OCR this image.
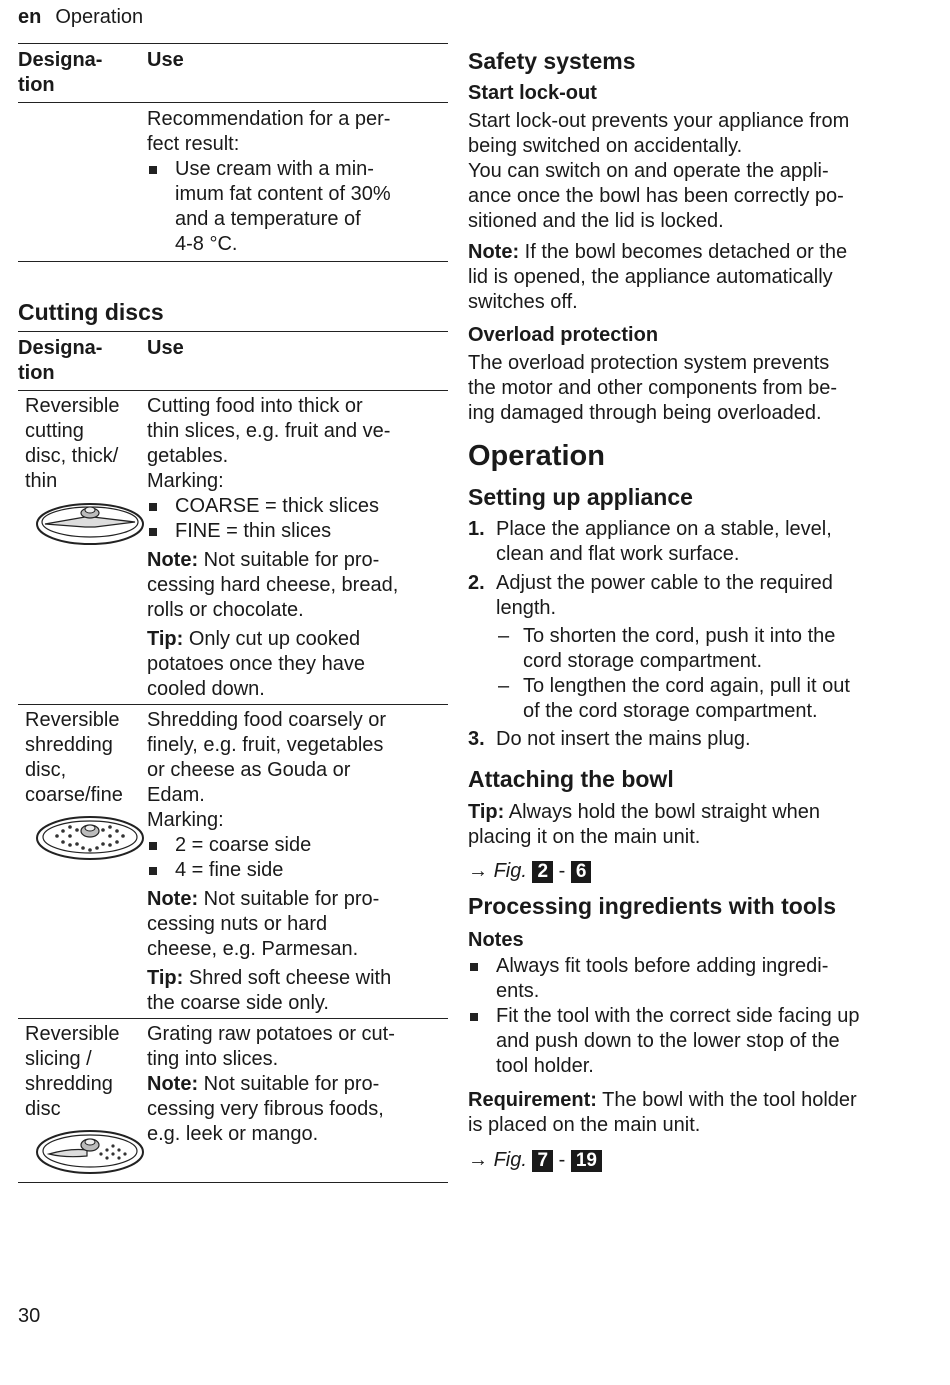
en Operation
Designa-
tion
Use

Recommendation for a per-
fect result:

Use cream with a min-
imum fat content of 30%
and a temperature of
4-8 °C.
Cutting discs
Designa-
tion
Use
Reversible
cutting
disc, thick/
thin

Cutting food into thick or
thin slices, e.g. fruit and ve-
getables.

Marking:

COARSE = thick slices
FINE = thin slices

Note: Not suitable for pro-
cessing hard cheese, bread,
rolls or chocolate.

Tip: Only cut up cooked
potatoes once they have
cooled down.

Reversible
shredding
disc,
coarse/fine

Shredding food coarsely or
finely, e.g. fruit, vegetables
or cheese as Gouda or
Edam.

Marking:

2 = coarse side
4 = fine side

Note: Not suitable for pro-
cessing nuts or hard
cheese, e.g. Parmesan.

Tip: Shred soft cheese with
the coarse side only.

Reversible
slicing /
shredding
disc

Grating raw potatoes or cut-
ting into slices.

Note: Not suitable for pro-
cessing very fibrous foods,
e.g. leek or mango.

Safety systems
Start lock-out

Start lock-out prevents your appliance from
being switched on accidentally.
You can switch on and operate the appli-
ance once the bowl has been correctly po-
sitioned and the lid is locked.

Note: If the bowl becomes detached or the
lid is opened, the appliance automatically
switches off.

Overload protection

The overload protection system prevents
the motor and other components from be-
ing damaged through being overloaded.

Operation
Setting up appliance
1. Place the appliance on a stable, level,
clean and flat work surface.
2. Adjust the power cable to the required
length.
– To shorten the cord, push it into the
cord storage compartment.
– To lengthen the cord again, pull it out
of the cord storage compartment.
3. Do not insert the mains plug.
Attaching the bowl

Tip: Always hold the bowl straight when
placing it on the main unit.

→ Fig. 2 - 6
Processing ingredients with tools
Notes
Always fit tools before adding ingredi-
ents.
Fit the tool with the correct side facing up
and push down to the lower stop of the
tool holder.

Requirement: The bowl with the tool holder
is placed on the main unit.

→ Fig. 7 - 19
30
